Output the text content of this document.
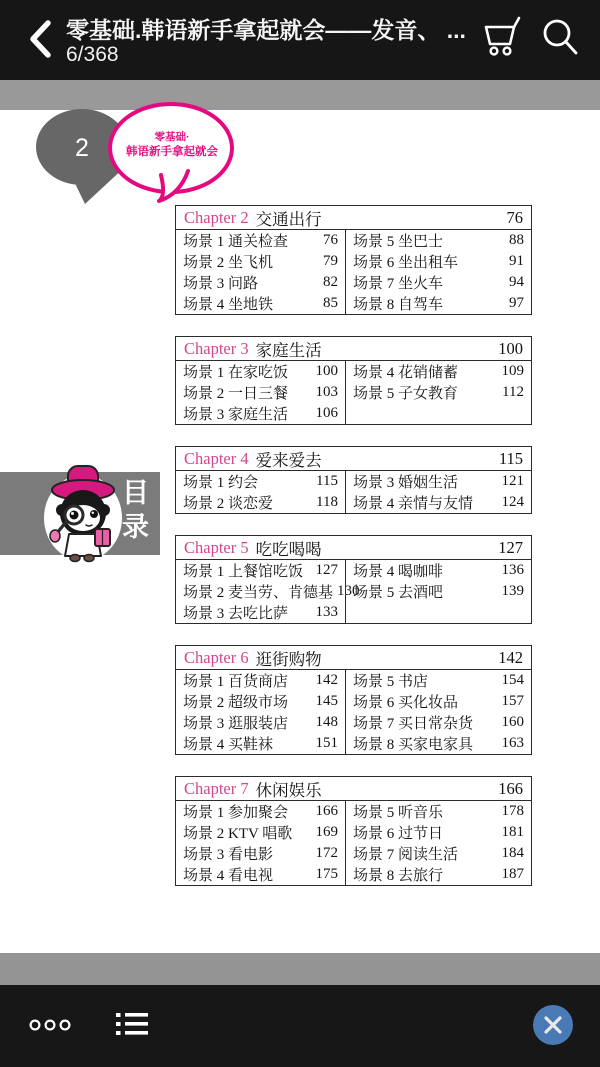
零基础.韩语新手拿起就会——发音、 ...
6/368
2	零基础·
韩语新手拿起就会
目录
Chapter 2 交通出行	76
场景 1 通关检查 76
场景 2 坐飞机	79
场景 3 问路	82
场景 4 坐地铁	85
场景 5 坐巴士	88
场景 6 坐出租车	91
场景 7 坐火车	94
场景 8 自驾车	97
Chapter 3 家庭生活	100
场景 1 在家吃饭 100
场景 2 一日三餐 103
场景 3 家庭生活 106
场景 4 花销储蓄	109
场景 5 子女教育	112
Chapter 4 爱来爱去	115
场景 1 约会	115
场景 2 谈恋爱	118
场景 3 婚姻生活	121
场景 4 亲情与友情 124
Chapter 5 吃吃喝喝	127
场景 1 上餐馆吃饭 127
场景 2 麦当劳、肯德基 130
场景 3 去吃比萨 133
场景 4 喝咖啡	136
场景 5 去酒吧	139
Chapter 6 逛街购物	142
场景 1 百货商店 142
场景 2 超级市场 145
场景 3 逛服装店 148
场景 4 买鞋袜	151
场景 5 书店	154
场景 6 买化妆品	157
场景 7 买日常杂货 160
场景 8 买家电家具 163
Chapter 7 休闲娱乐	166
场景 1 参加聚会 166
场景 2 KTV 唱歌 169
场景 3 看电影	172
场景 4 看电视	175
场景 5 听音乐	178
场景 6 过节日	181
场景 7 阅读生活	184
场景 8 去旅行	187
